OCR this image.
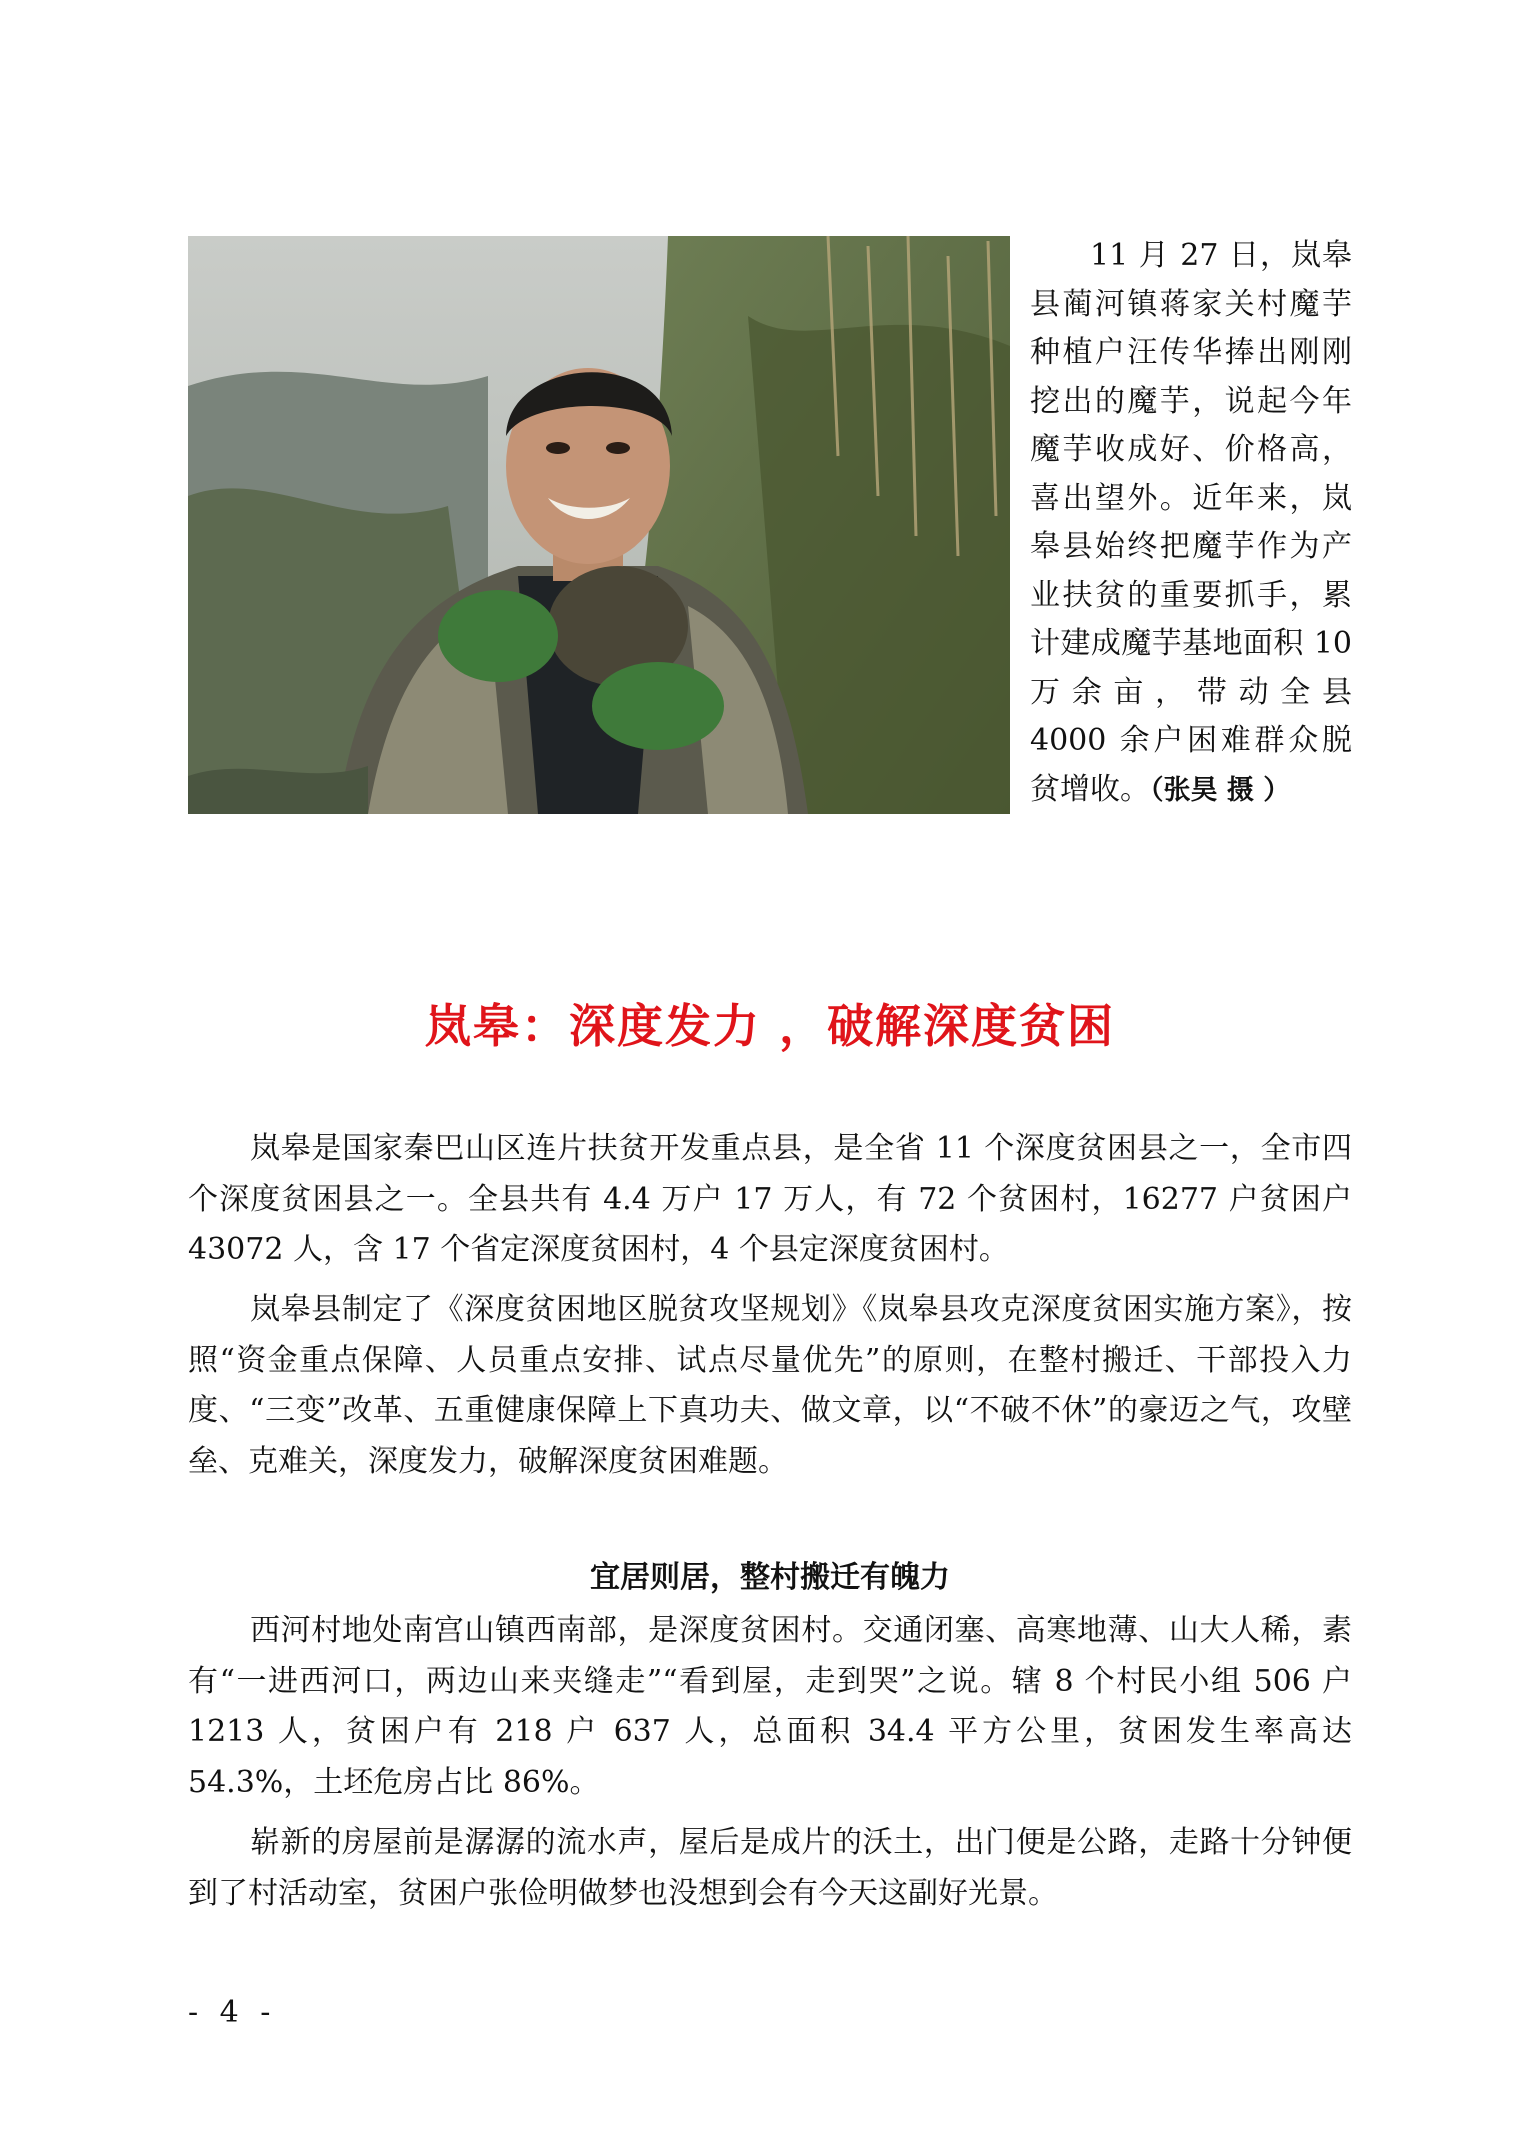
11 月 27 日，岚皋县蔺河镇蒋家关村魔芋种植户汪传华捧出刚刚挖出的魔芋，说起今年魔芋收成好、价格高，喜出望外。近年来，岚皋县始终把魔芋作为产业扶贫的重要抓手，累计建成魔芋基地面积 10 万余亩，带动全县 4000 余户困难群众脱贫增收。（张昊 摄 ）

岚皋：深度发力 ，破解深度贫困

岚皋是国家秦巴山区连片扶贫开发重点县，是全省 11 个深度贫困县之一，全市四个深度贫困县之一。全县共有 4.4 万户 17 万人，有 72 个贫困村，16277 户贫困户 43072 人，含 17 个省定深度贫困村，4 个县定深度贫困村。

岚皋县制定了《深度贫困地区脱贫攻坚规划》《岚皋县攻克深度贫困实施方案》，按照“资金重点保障、人员重点安排、试点尽量优先”的原则，在整村搬迁、干部投入力度、“三变”改革、五重健康保障上下真功夫、做文章，以“不破不休”的豪迈之气，攻壁垒、克难关，深度发力，破解深度贫困难题。

宜居则居，整村搬迁有魄力

西河村地处南宫山镇西南部，是深度贫困村。交通闭塞、高寒地薄、山大人稀，素有“一进西河口，两边山来夹缝走”“看到屋，走到哭”之说。辖 8 个村民小组 506 户 1213 人，贫困户有 218 户 637 人，总面积 34.4 平方公里，贫困发生率高达 54.3%，土坯危房占比 86%。

崭新的房屋前是潺潺的流水声，屋后是成片的沃土，出门便是公路，走路十分钟便到了村活动室，贫困户张俭明做梦也没想到会有今天这副好光景。

- 4 -
